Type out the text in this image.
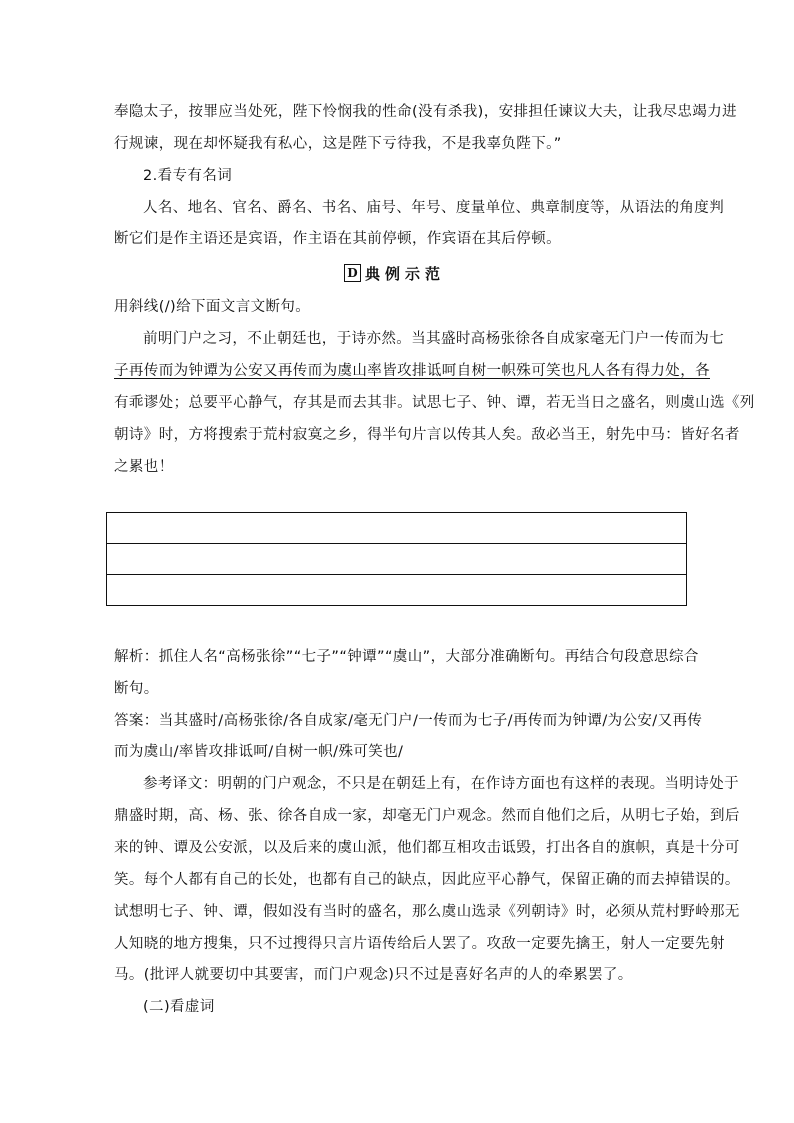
奉隐太子，按罪应当处死，陛下怜悯我的性命(没有杀我)，安排担任谏议大夫，让我尽忠竭力进
行规谏，现在却怀疑我有私心，这是陛下亏待我，不是我辜负陛下。”
2.看专有名词
人名、地名、官名、爵名、书名、庙号、年号、度量单位、典章制度等，从语法的角度判
断它们是作主语还是宾语，作主语在其前停顿，作宾语在其后停顿。
D 典例示范
用斜线(/)给下面文言文断句。
前明门户之习，不止朝廷也，于诗亦然。当其盛时高杨张徐各自成家毫无门户一传而为七
子再传而为钟谭为公安又再传而为虞山率皆攻排诋呵自树一帜殊可笑也凡人各有得力处，各
有乖谬处；总要平心静气，存其是而去其非。试思七子、钟、谭，若无当日之盛名，则虞山选《列
朝诗》时，方将搜索于荒村寂寞之乡，得半句片言以传其人矣。敌必当王，射先中马：皆好名者
之累也！
解析：抓住人名“高杨张徐”“七子”“钟谭”“虞山”，大部分准确断句。再结合句段意思综合
断句。
答案：当其盛时/高杨张徐/各自成家/毫无门户/一传而为七子/再传而为钟谭/为公安/又再传
而为虞山/率皆攻排诋呵/自树一帜/殊可笑也/
参考译文：明朝的门户观念，不只是在朝廷上有，在作诗方面也有这样的表现。当明诗处于
鼎盛时期，高、杨、张、徐各自成一家，却毫无门户观念。然而自他们之后，从明七子始，到后
来的钟、谭及公安派，以及后来的虞山派，他们都互相攻击诋毁，打出各自的旗帜，真是十分可
笑。每个人都有自己的长处，也都有自己的缺点，因此应平心静气，保留正确的而去掉错误的。
试想明七子、钟、谭，假如没有当时的盛名，那么虞山选录《列朝诗》时，必须从荒村野岭那无
人知晓的地方搜集，只不过搜得只言片语传给后人罢了。攻敌一定要先擒王，射人一定要先射
马。(批评人就要切中其要害，而门户观念)只不过是喜好名声的人的牵累罢了。
(二)看虚词
